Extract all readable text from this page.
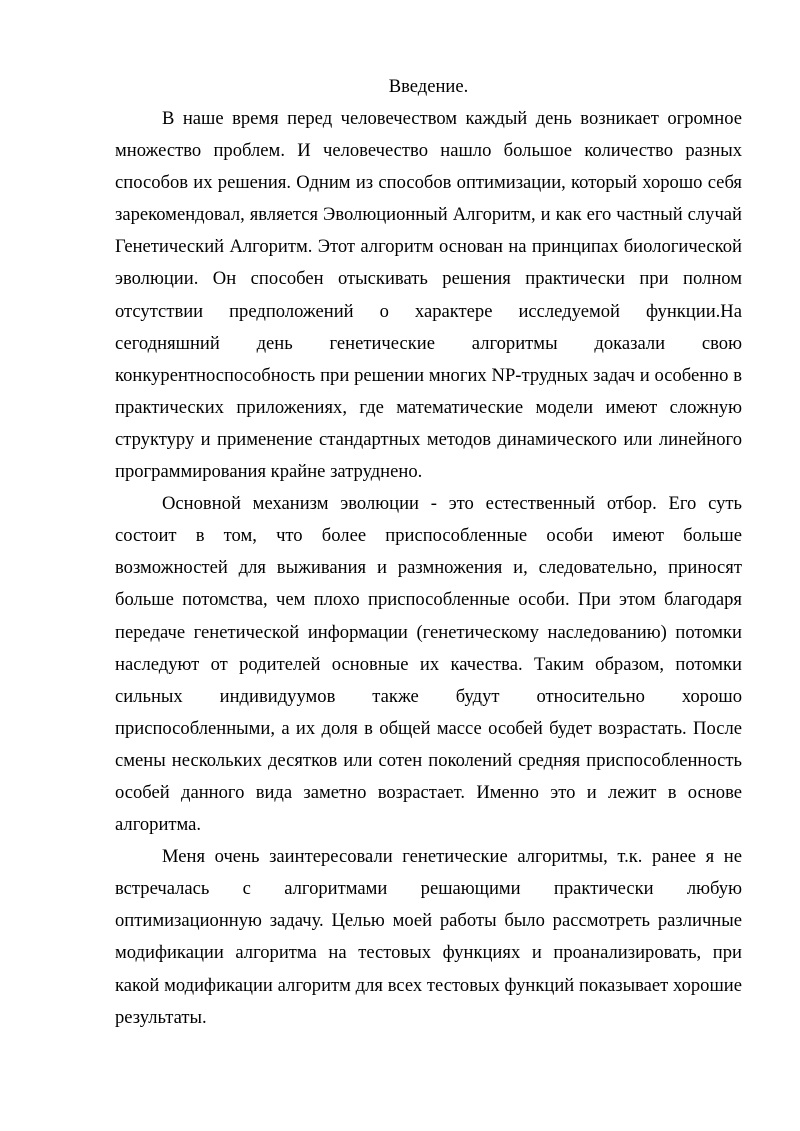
Введение.

В наше время перед человечеством каждый день возникает огромное множество проблем. И человечество нашло большое количество разных способов их решения. Одним из способов оптимизации, который хорошо себя зарекомендовал, является Эволюционный Алгоритм, и как его частный случай Генетический Алгоритм. Этот алгоритм основан на принципах биологической эволюции. Он способен отыскивать решения практически при полном отсутствии предположений о характере исследуемой функции.На сегодняшний день генетические алгоритмы доказали свою конкурентноспособность при решении многих NP-трудных задач и особенно в практических приложениях, где математические модели имеют сложную структуру и применение стандартных методов динамического или линейного программирования крайне затруднено.

Основной механизм эволюции - это естественный отбор. Его суть состоит в том, что более приспособленные особи имеют больше возможностей для выживания и размножения и, следовательно, приносят больше потомства, чем плохо приспособленные особи. При этом благодаря передаче генетической информации (генетическому наследованию) потомки наследуют от родителей основные их качества. Таким образом, потомки сильных индивидуумов также будут относительно хорошо приспособленными, а их доля в общей массе особей будет возрастать. После смены нескольких десятков или сотен поколений средняя приспособленность особей данного вида заметно возрастает. Именно это и лежит в основе алгоритма.

Меня очень заинтересовали генетические алгоритмы, т.к. ранее я не встречалась с алгоритмами решающими практически любую оптимизационную задачу. Целью моей работы было рассмотреть различные модификации алгоритма на тестовых функциях и проанализировать, при какой модификации алгоритм для всех тестовых функций показывает хорошие результаты.
